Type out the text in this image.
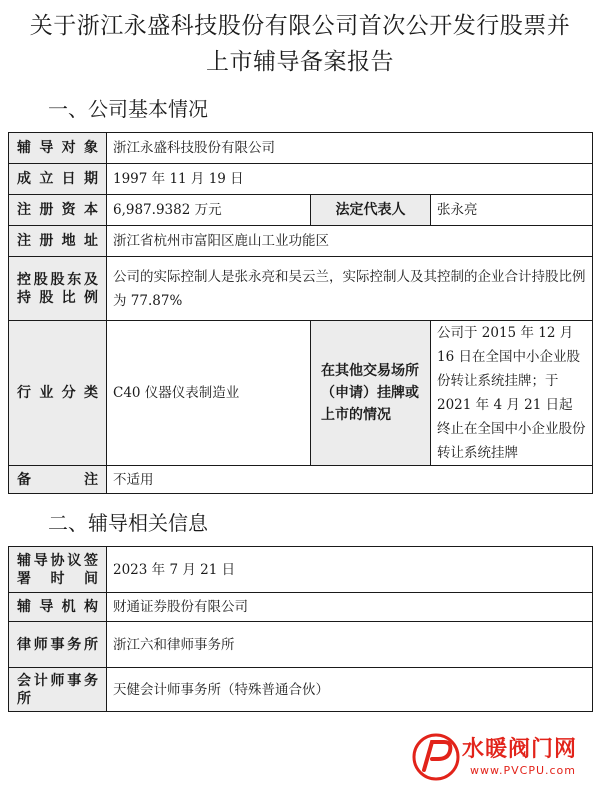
关于浙江永盛科技股份有限公司首次公开发行股票并
上市辅导备案报告
一、公司基本情况
辅导对象	浙江永盛科技股份有限公司		
成立日期	1997 年 11 月 19 日		
注册资本	6,987.9382 万元	法定代表人	张永亮
注册地址	浙江省杭州市富阳区鹿山工业功能区		
控股股东及持股比例	公司的实际控制人是张永亮和吴云兰，实际控制人及其控制的企业合计持股比例为 77.87%		
行业分类	C40 仪器仪表制造业	在其他交易场所（申请）挂牌或上市的情况	公司于 2015 年 12 月 16 日在全国中小企业股份转让系统挂牌；于 2021 年 4 月 21 日起终止在全国中小企业股份转让系统挂牌
备注	不适用		
二、辅导相关信息
辅导协议签署时间	2023 年 7 月 21 日
辅导机构	财通证券股份有限公司
律师事务所	浙江六和律师事务所
会计师事务所	天健会计师事务所（特殊普通合伙）
水暖阀门网
www.PVCPU.com
